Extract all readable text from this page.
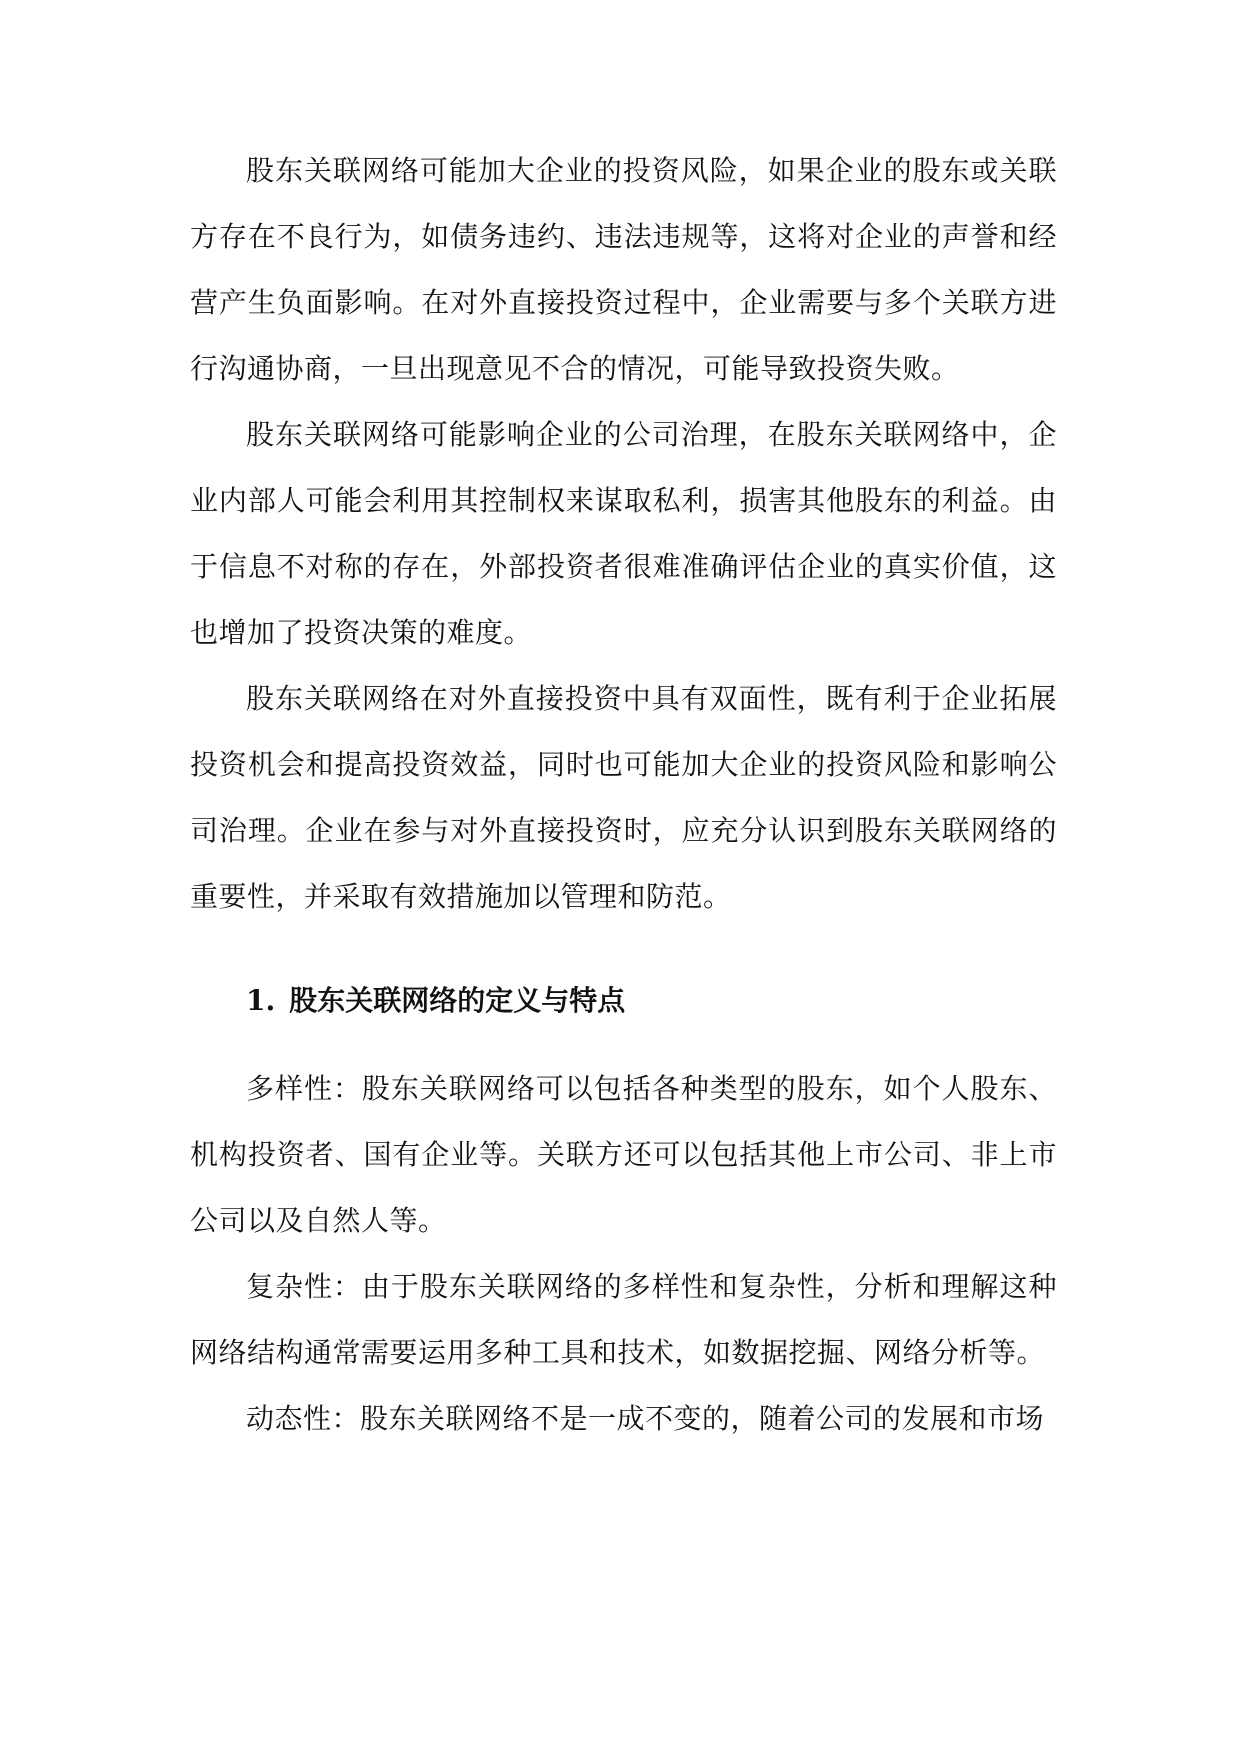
股东关联网络可能加大企业的投资风险，如果企业的股东或关联方存在不良行为，如债务违约、违法违规等，这将对企业的声誉和经营产生负面影响。在对外直接投资过程中，企业需要与多个关联方进行沟通协商，一旦出现意见不合的情况，可能导致投资失败。

股东关联网络可能影响企业的公司治理，在股东关联网络中，企业内部人可能会利用其控制权来谋取私利，损害其他股东的利益。由于信息不对称的存在，外部投资者很难准确评估企业的真实价值，这也增加了投资决策的难度。

股东关联网络在对外直接投资中具有双面性，既有利于企业拓展投资机会和提高投资效益，同时也可能加大企业的投资风险和影响公司治理。企业在参与对外直接投资时，应充分认识到股东关联网络的重要性，并采取有效措施加以管理和防范。

1. 股东关联网络的定义与特点

多样性：股东关联网络可以包括各种类型的股东，如个人股东、机构投资者、国有企业等。关联方还可以包括其他上市公司、非上市公司以及自然人等。

复杂性：由于股东关联网络的多样性和复杂性，分析和理解这种网络结构通常需要运用多种工具和技术，如数据挖掘、网络分析等。

动态性：股东关联网络不是一成不变的，随着公司的发展和市场
